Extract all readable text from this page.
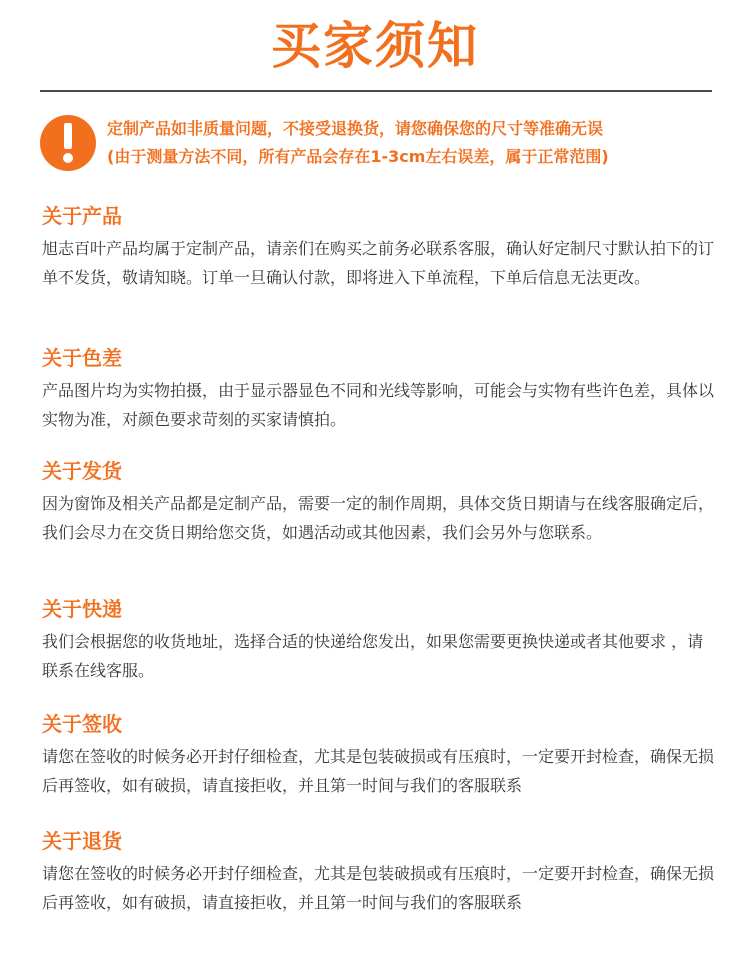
买家须知
定制产品如非质量问题，不接受退换货，请您确保您的尺寸等准确无误
(由于测量方法不同，所有产品会存在1-3cm左右误差，属于正常范围)
关于产品

旭志百叶产品均属于定制产品，请亲们在购买之前务必联系客服，确认好定制尺寸默认拍下的订单不发货，敬请知晓。订单一旦确认付款，即将进入下单流程，下单后信息无法更改。

关于色差

产品图片均为实物拍摄，由于显示器显色不同和光线等影响，可能会与实物有些许色差，具体以实物为准，对颜色要求苛刻的买家请慎拍。

关于发货

因为窗饰及相关产品都是定制产品，需要一定的制作周期，具体交货日期请与在线客服确定后，我们会尽力在交货日期给您交货，如遇活动或其他因素，我们会另外与您联系。

关于快递

我们会根据您的收货地址，选择合适的快递给您发出，如果您需要更换快递或者其他要求 ，请联系在线客服。

关于签收

请您在签收的时候务必开封仔细检查，尤其是包装破损或有压痕时，一定要开封检查，确保无损后再签收，如有破损，请直接拒收，并且第一时间与我们的客服联系

关于退货

请您在签收的时候务必开封仔细检查，尤其是包装破损或有压痕时，一定要开封检查，确保无损后再签收，如有破损，请直接拒收，并且第一时间与我们的客服联系
